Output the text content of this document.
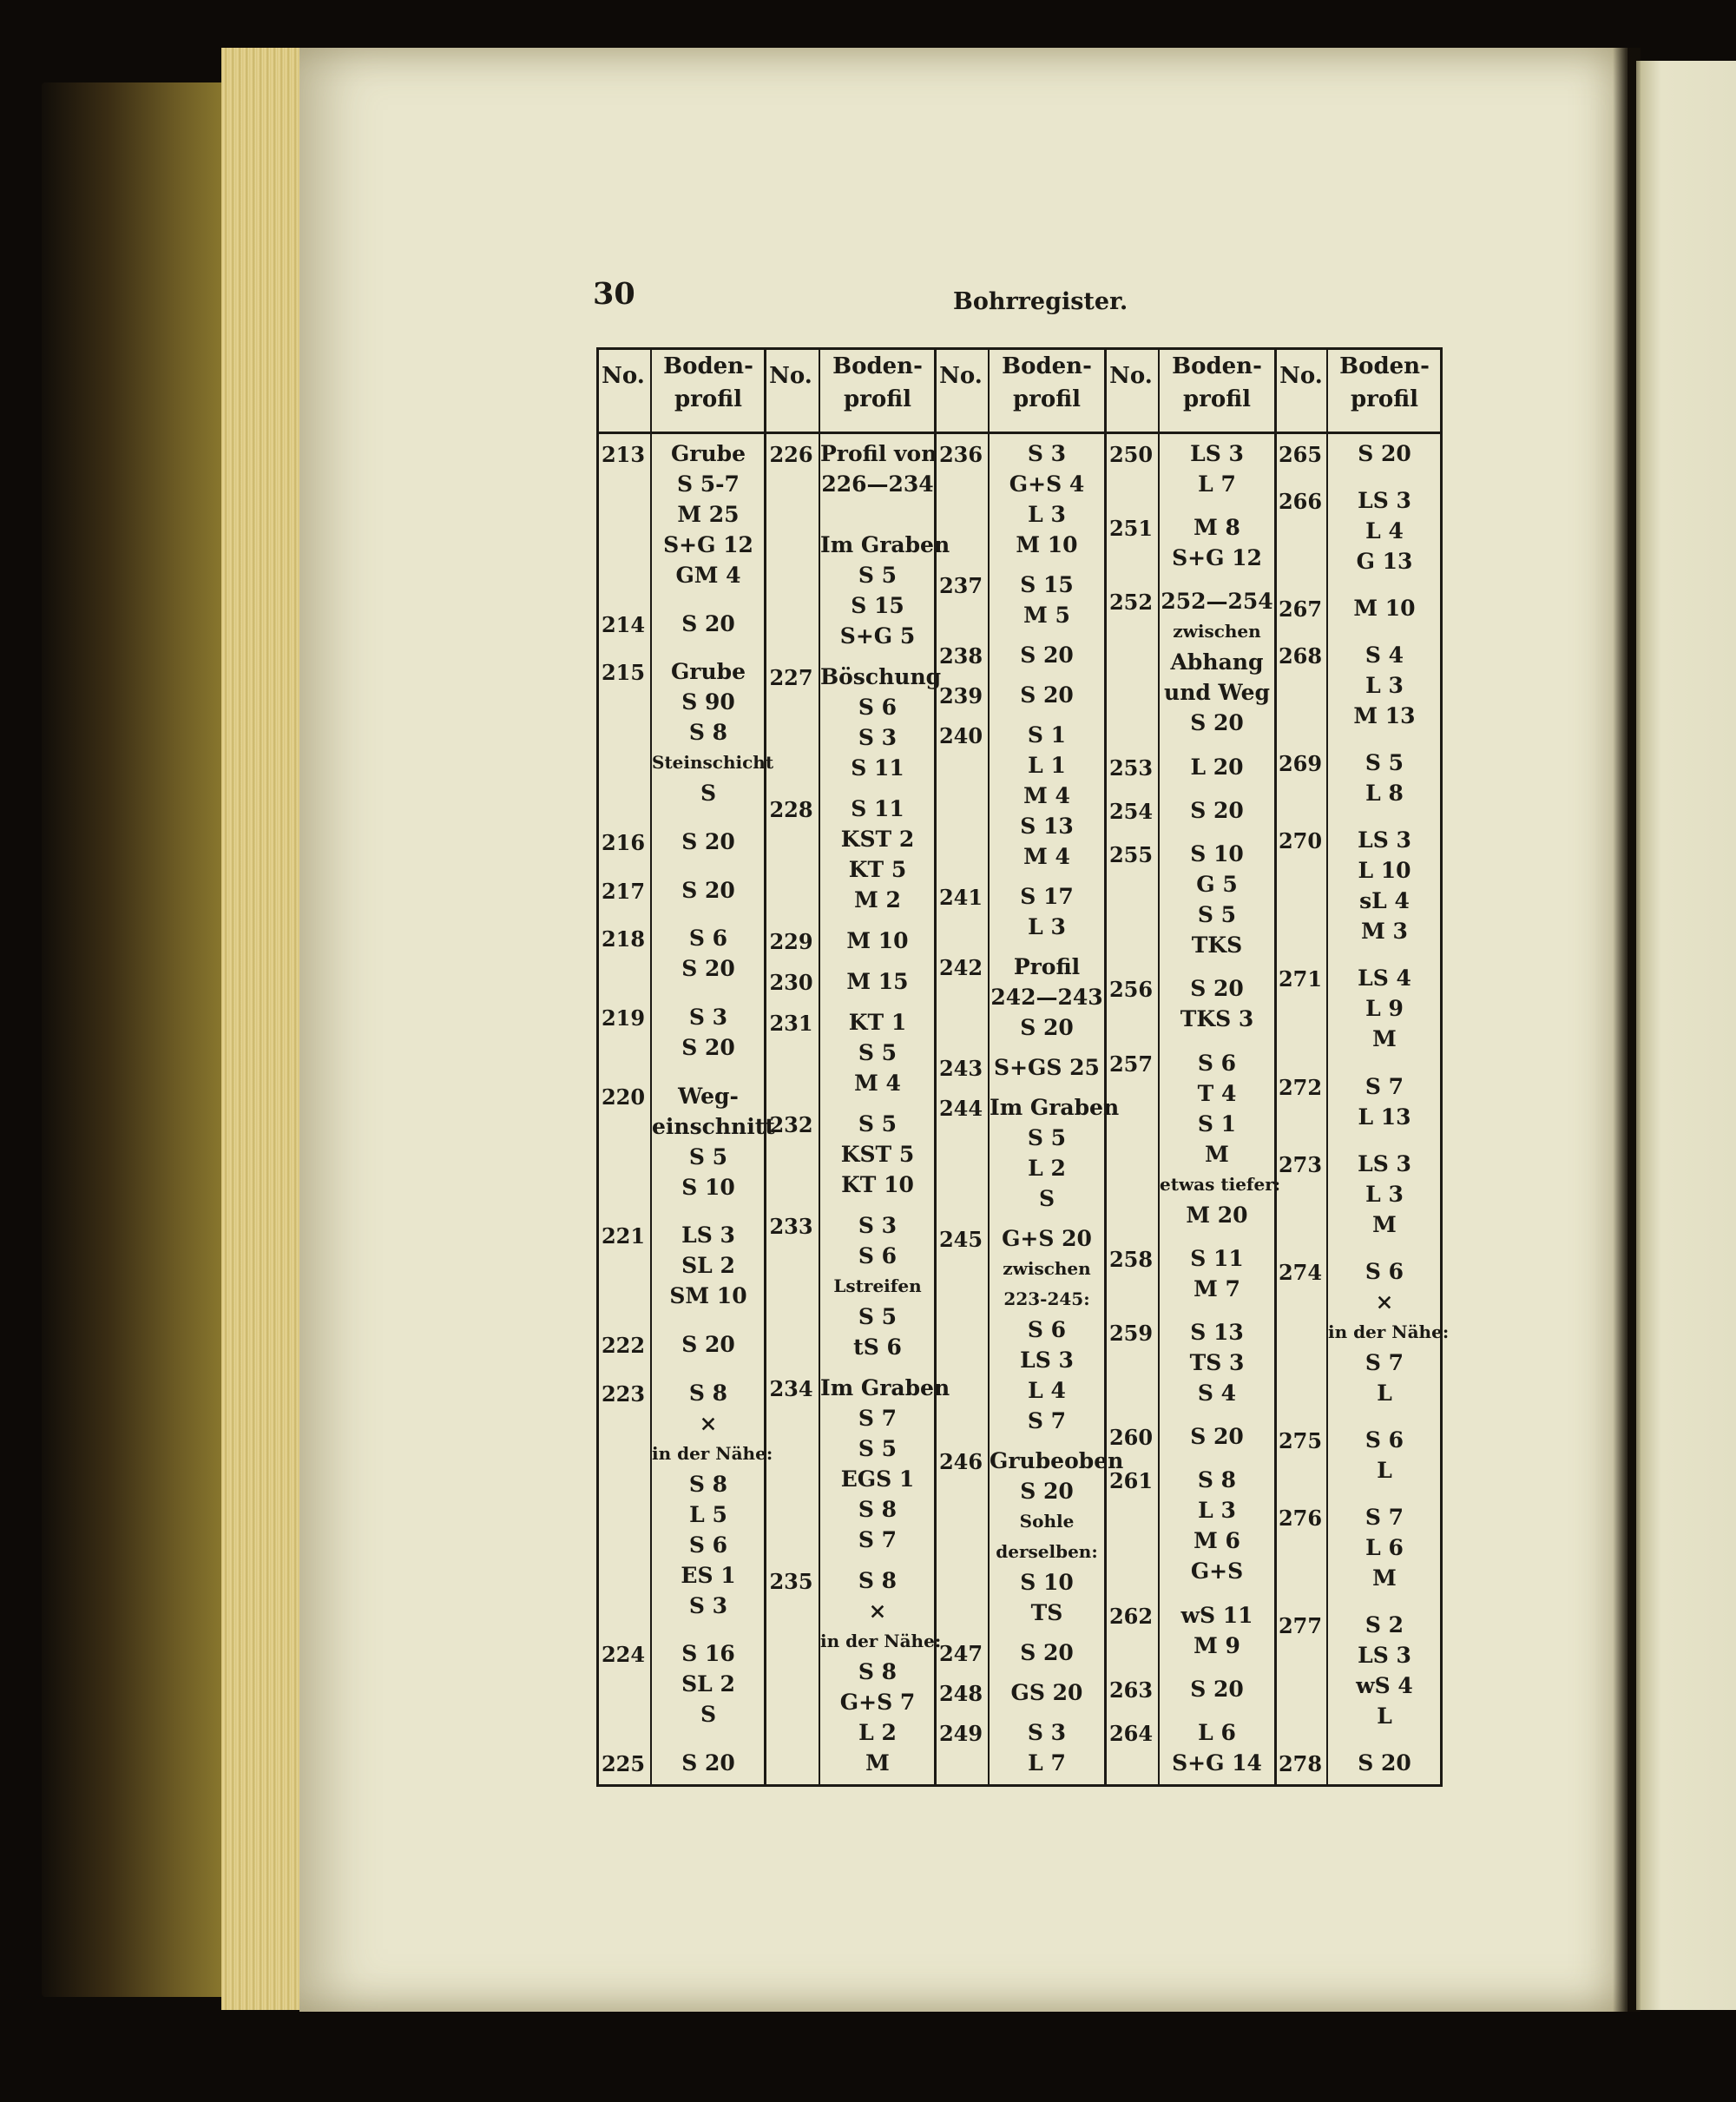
30	Bohrregister.
213	Grube
S 5-7
M 25
S+G 12
GM 4
214	S 20
215	Grube
S 90
S 8
Steinschicht
S
216	S 20
217	S 20
218	S 6
S 20
219	S 3
S 20
220	Weg-
einschnitt
S 5
S 10
221	LS 3
SL 2
SM 10
222	S 20
223	S 8
×
in der Nähe:
S 8
L 5
S 6
ES 1
S 3
224	S 16
SL 2
S
225	S 20
226 Profil von
226—234
Im Graben
S 5
S 15
S+G 5
227 Böschung
S 6
S 3
S 11
228	S 11
KST 2
KT 5
M 2
229	M 10
230	M 15
231	KT 1
S 5
M 4
232	S 5
KST 5
KT 10
233	S 3
S 6
Lstreifen
S 5
tS 6
234 Im Graben
S 7
S 5
EGS 1
S 8
S 7
235	S 8
×
in der Nähe:
S 8
G+S 7
L 2
M
236	S 3
G+S 4
L 3
M 10
237	S 15
M 5
238	S 20
239	S 20
240	S 1
L 1
M 4
S 13
M 4
241	S 17
L 3
242	Profil
242—243
S 20
243 S+GS 25
244 Im Graben
S 5
L 2
S
245 G+S 20
zwischen
223-245:
S 6
LS 3
L 4
S 7
246 Grubeoben
S 20
Sohle
derselben:
S 10
TS
247	S 20
248	GS 20
249	S 3
L 7
250	LS 3
L 7
251	M 8
S+G 12
252 252—254
zwischen
Abhang
und Weg
S 20
253	L 20
254	S 20
255	S 10
G 5
S 5
TKS
256	S 20
TKS 3
257	S 6
T 4
S 1
M
etwas tiefer:
M 20
258	S 11
M 7
259	S 13
TS 3
S 4
260	S 20
261	S 8
L 3
M 6
G+S
262	wS 11
M 9
263	S 20
264	L 6
S+G 14
265	S 20
266	LS 3
L 4
G 13
267	M 10
268	S 4
L 3
M 13
269	S 5
L 8
270	LS 3
L 10
sL 4
M 3
271	LS 4
L 9
M
272	S 7
L 13
273	LS 3
L 3
M
274	S 6
×
in der Nähe:
S 7
L
275	S 6
L
276	S 7
L 6
M
277	S 2
LS 3
wS 4
L
278	S 20
No. Boden-
profil
No. Boden-
profil
No. Boden-
profil
No. Boden-
profil
No. Boden-
profil
